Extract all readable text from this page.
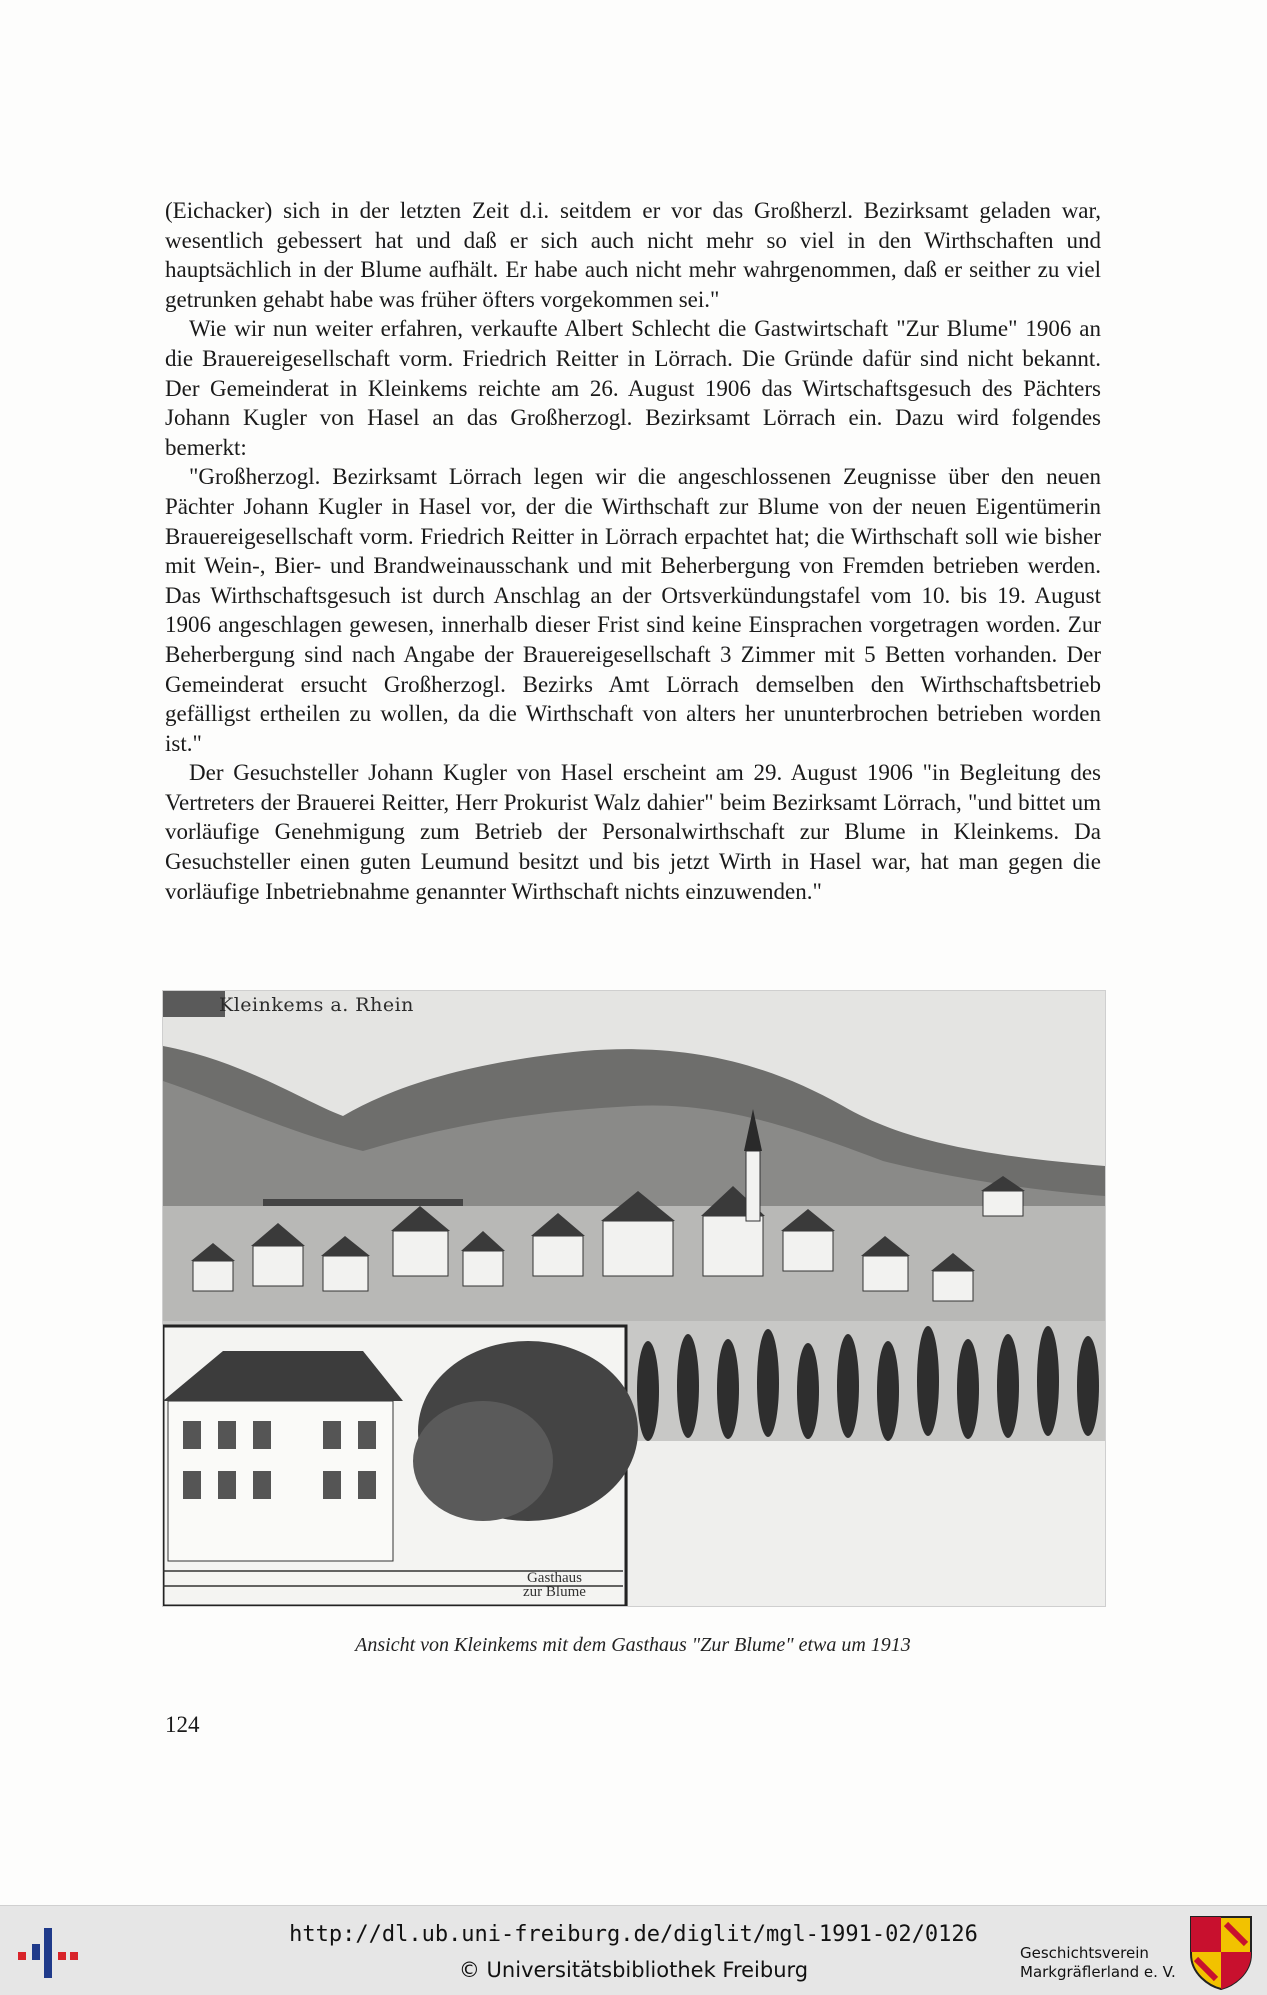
(Eichacker) sich in der letzten Zeit d.i. seitdem er vor das Großherzl. Bezirksamt geladen war, wesentlich gebessert hat und daß er sich auch nicht mehr so viel in den Wirthschaften und hauptsächlich in der Blume aufhält. Er habe auch nicht mehr wahrgenommen, daß er seither zu viel getrunken gehabt habe was früher öfters vorgekommen sei."

Wie wir nun weiter erfahren, verkaufte Albert Schlecht die Gastwirtschaft "Zur Blume" 1906 an die Brauereigesellschaft vorm. Friedrich Reitter in Lörrach. Die Gründe dafür sind nicht bekannt. Der Gemeinderat in Kleinkems reichte am 26. August 1906 das Wirtschaftsgesuch des Pächters Johann Kugler von Hasel an das Großherzogl. Bezirksamt Lörrach ein. Dazu wird folgendes bemerkt:

"Großherzogl. Bezirksamt Lörrach legen wir die angeschlossenen Zeugnisse über den neuen Pächter Johann Kugler in Hasel vor, der die Wirthschaft zur Blume von der neuen Eigentümerin Brauereigesellschaft vorm. Friedrich Reitter in Lörrach erpachtet hat; die Wirthschaft soll wie bisher mit Wein-, Bier- und Brandweinausschank und mit Beherbergung von Fremden betrieben werden. Das Wirthschaftsgesuch ist durch Anschlag an der Ortsverkündungstafel vom 10. bis 19. August 1906 angeschlagen gewesen, innerhalb dieser Frist sind keine Einsprachen vorgetragen worden. Zur Beherbergung sind nach Angabe der Brauereigesellschaft 3 Zimmer mit 5 Betten vorhanden. Der Gemeinderat ersucht Großherzogl. Bezirks Amt Lörrach demselben den Wirthschaftsbetrieb gefälligst ertheilen zu wollen, da die Wirthschaft von alters her ununterbrochen betrieben worden ist."

Der Gesuchsteller Johann Kugler von Hasel erscheint am 29. August 1906 "in Begleitung des Vertreters der Brauerei Reitter, Herr Prokurist Walz dahier" beim Bezirksamt Lörrach, "und bittet um vorläufige Genehmigung zum Betrieb der Personalwirthschaft zur Blume in Kleinkems. Da Gesuchsteller einen guten Leumund besitzt und bis jetzt Wirth in Hasel war, hat man gegen die vorläufige Inbetriebnahme genannter Wirthschaft nichts einzuwenden."

Kleinkems a. Rhein
Gasthaus
zur Blume
Ansicht von Kleinkems mit dem Gasthaus "Zur Blume" etwa um 1913
124
http://dl.ub.uni-freiburg.de/diglit/mgl-1991-02/0126
© Universitätsbibliothek Freiburg
Geschichtsverein
Markgräflerland e. V.
